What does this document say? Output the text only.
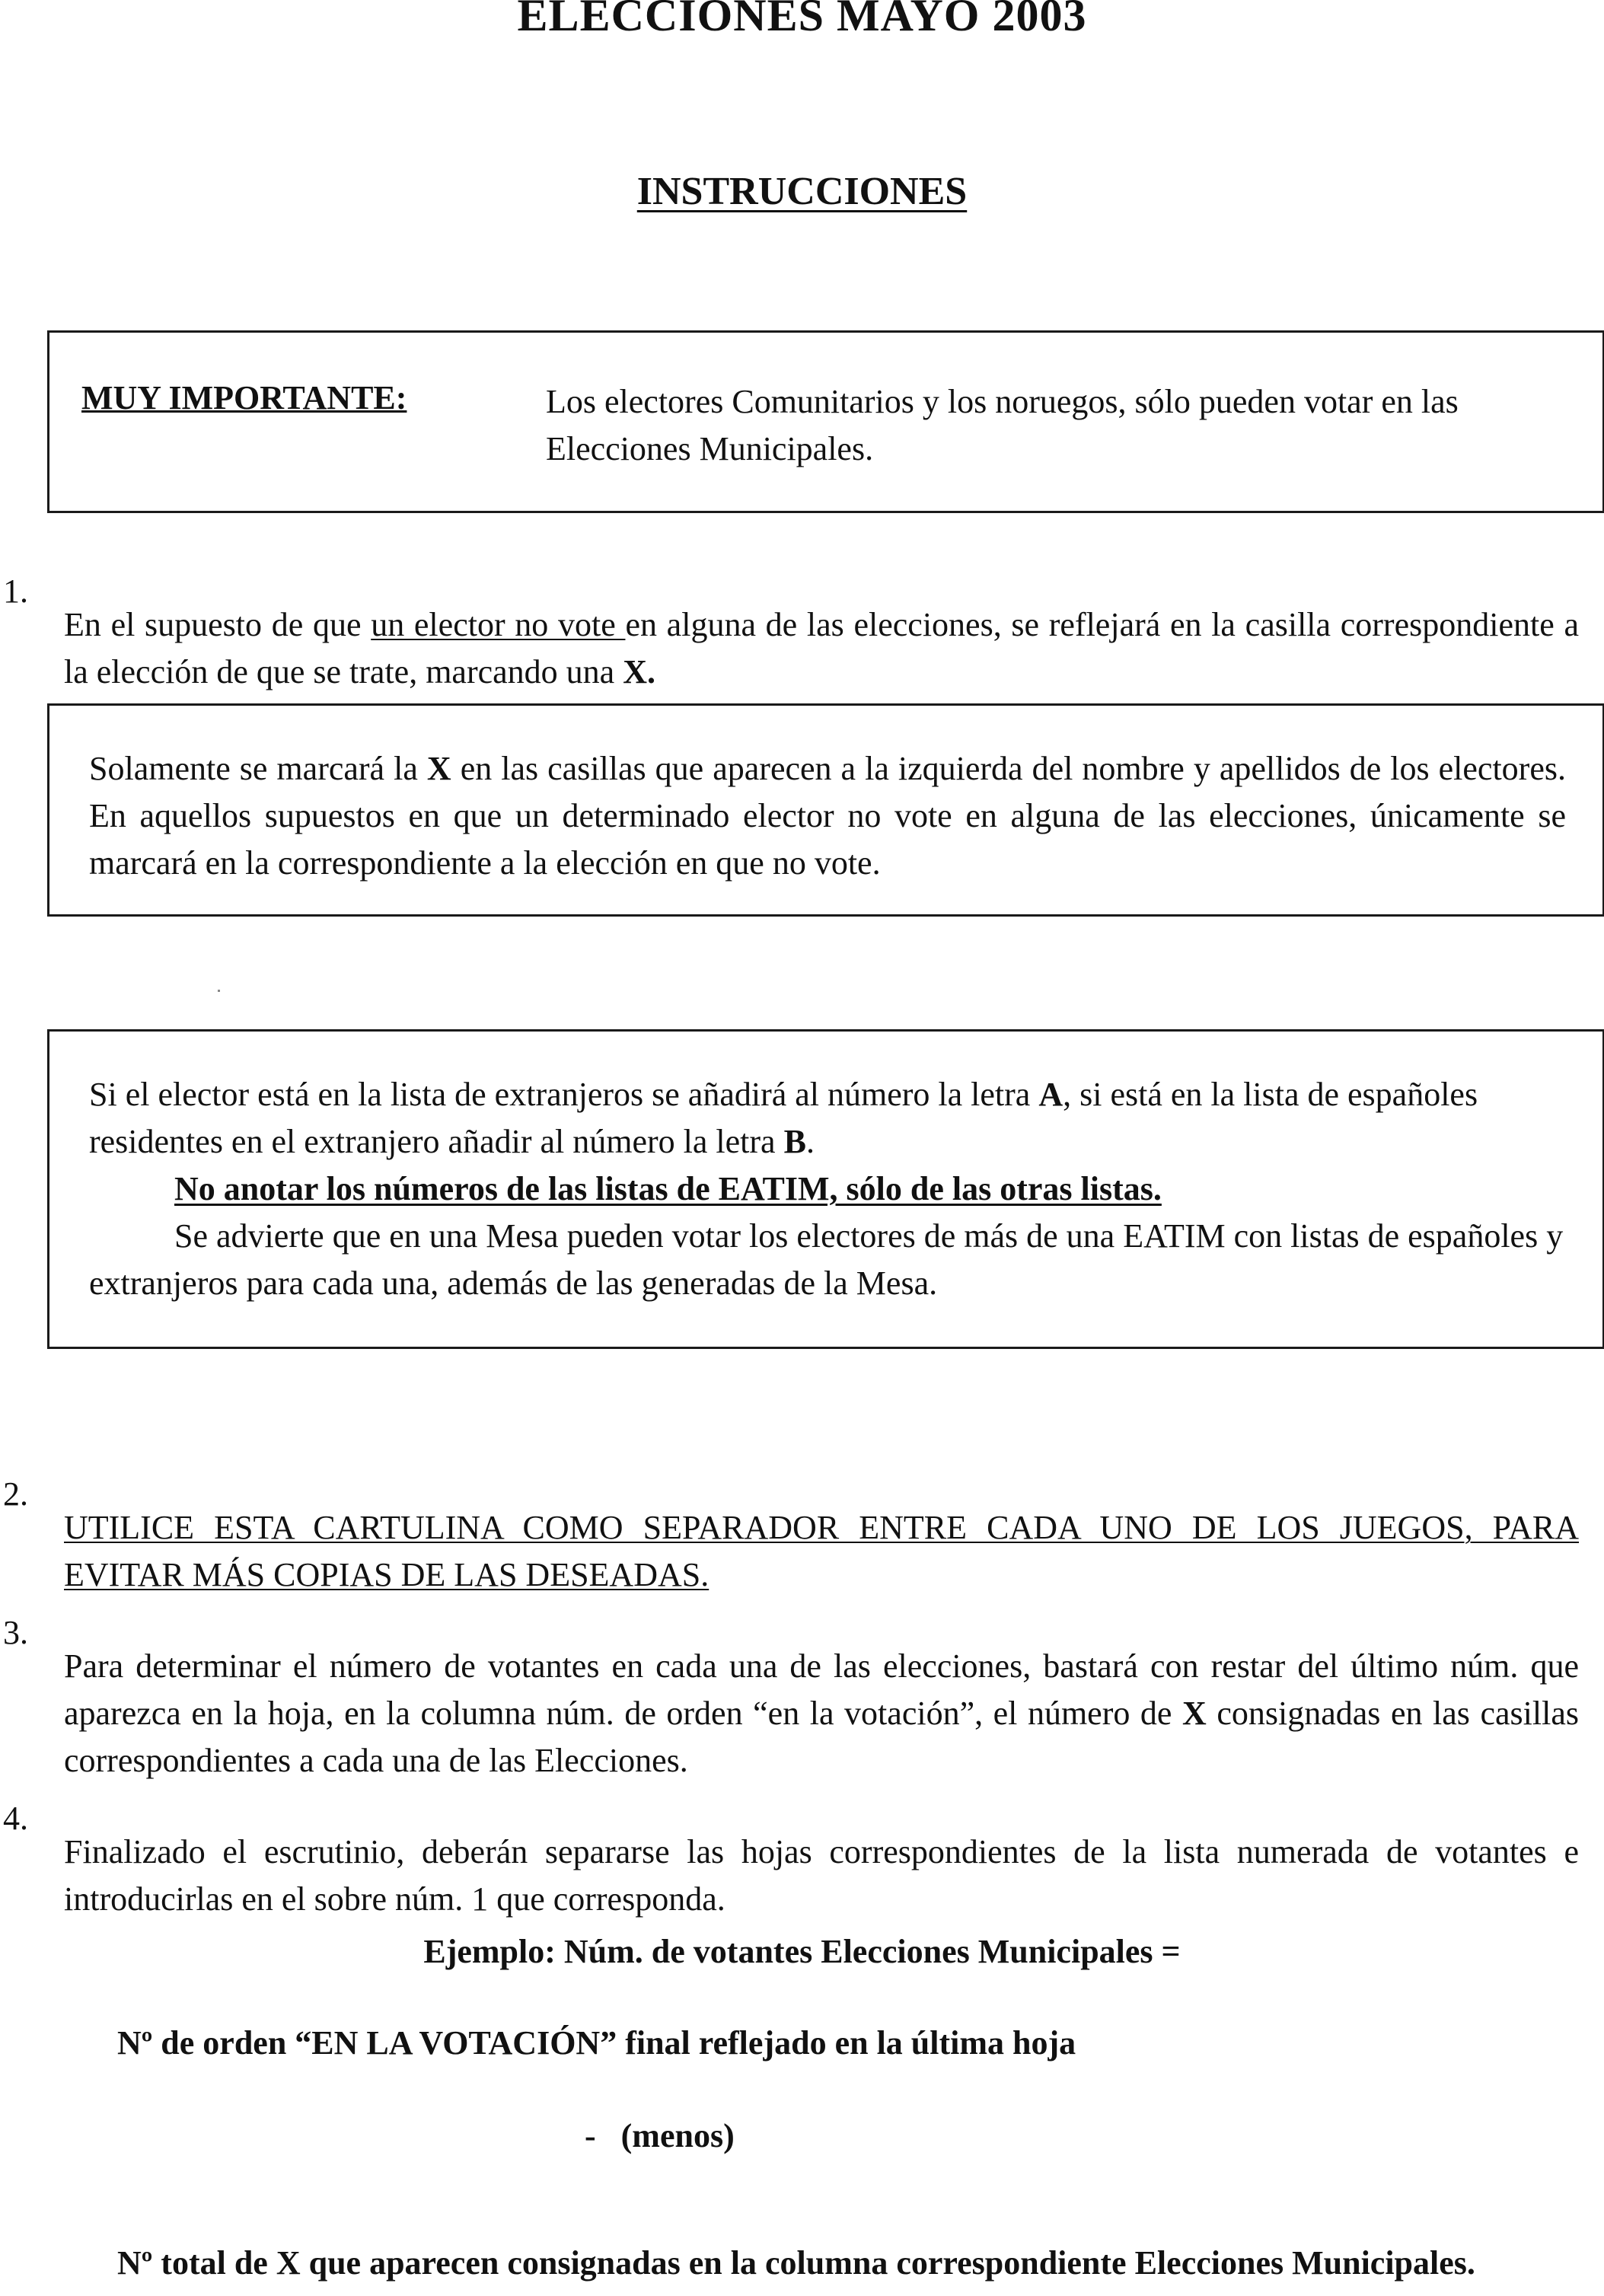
ELECCIONES MAYO 2003
INSTRUCCIONES
MUY IMPORTANTE:	Los electores Comunitarios y los noruegos, sólo pueden votar en las Elecciones Municipales.

1.

En el supuesto de que un elector no vote en alguna de las elecciones, se reflejará en la casilla correspondiente a la elección de que se trate, marcando una X.

Solamente se marcará la X en las casillas que aparecen a la izquierda del nombre y apellidos de los electores. En aquellos supuestos en que un determinado elector no vote en alguna de las elecciones, únicamente se marcará en la correspondiente a la elección en que no vote.

Si el elector está en la lista de extranjeros se añadirá al número la letra A, si está en la lista de españoles residentes en el extranjero añadir al número la letra B.

No anotar los números de las listas de EATIM, sólo de las otras listas.

Se advierte que en una Mesa pueden votar los electores de más de una EATIM con listas de españoles y extranjeros para cada una, además de las generadas de la Mesa.

2.

UTILICE ESTA CARTULINA COMO SEPARADOR ENTRE CADA UNO DE LOS JUEGOS, PARA EVITAR MÁS COPIAS DE LAS DESEADAS.

3.

Para determinar el número de votantes en cada una de las elecciones, bastará con restar del último núm. que aparezca en la hoja, en la columna núm. de orden “en la votación”, el número de X consignadas en las casillas correspondientes a cada una de las Elecciones.

4.

Finalizado el escrutinio, deberán separarse las hojas correspondientes de la lista numerada de votantes e introducirlas en el sobre núm. 1 que corresponda.

Ejemplo: Núm. de votantes Elecciones Municipales =
Nº de orden “EN LA VOTACIÓN” final reflejado en la última hoja
-   (menos)

Nº total de X que aparecen consignadas en la columna correspondiente Elecciones Municipales.
